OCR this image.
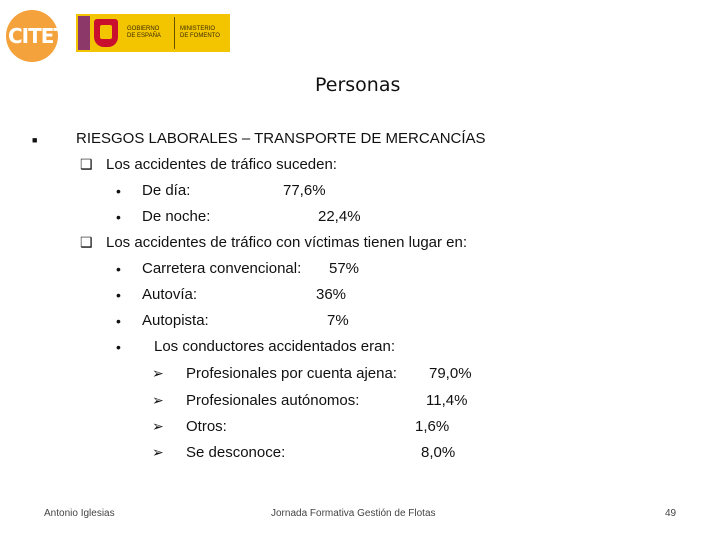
CITET	GOBIERNO
DE ESPAÑA
MINISTERIO
DE FOMENTO
Personas
■	RIESGOS LABORALES – TRANSPORTE DE MERCANCÍAS
❑ Los accidentes de tráfico suceden:
• De día:	77,6%
• De noche:	22,4%
❑ Los accidentes de tráfico con víctimas tienen lugar en:
• Carretera convencional: 57%
• Autovía:	36%
• Autopista:	7%
• Los conductores accidentados eran:
➢ Profesionales por cuenta ajena: 79,0%
➢ Profesionales autónomos:	11,4%
➢ Otros:	1,6%
➢ Se desconoce:	8,0%
Antonio Iglesias	Jornada Formativa Gestión de Flotas	49
